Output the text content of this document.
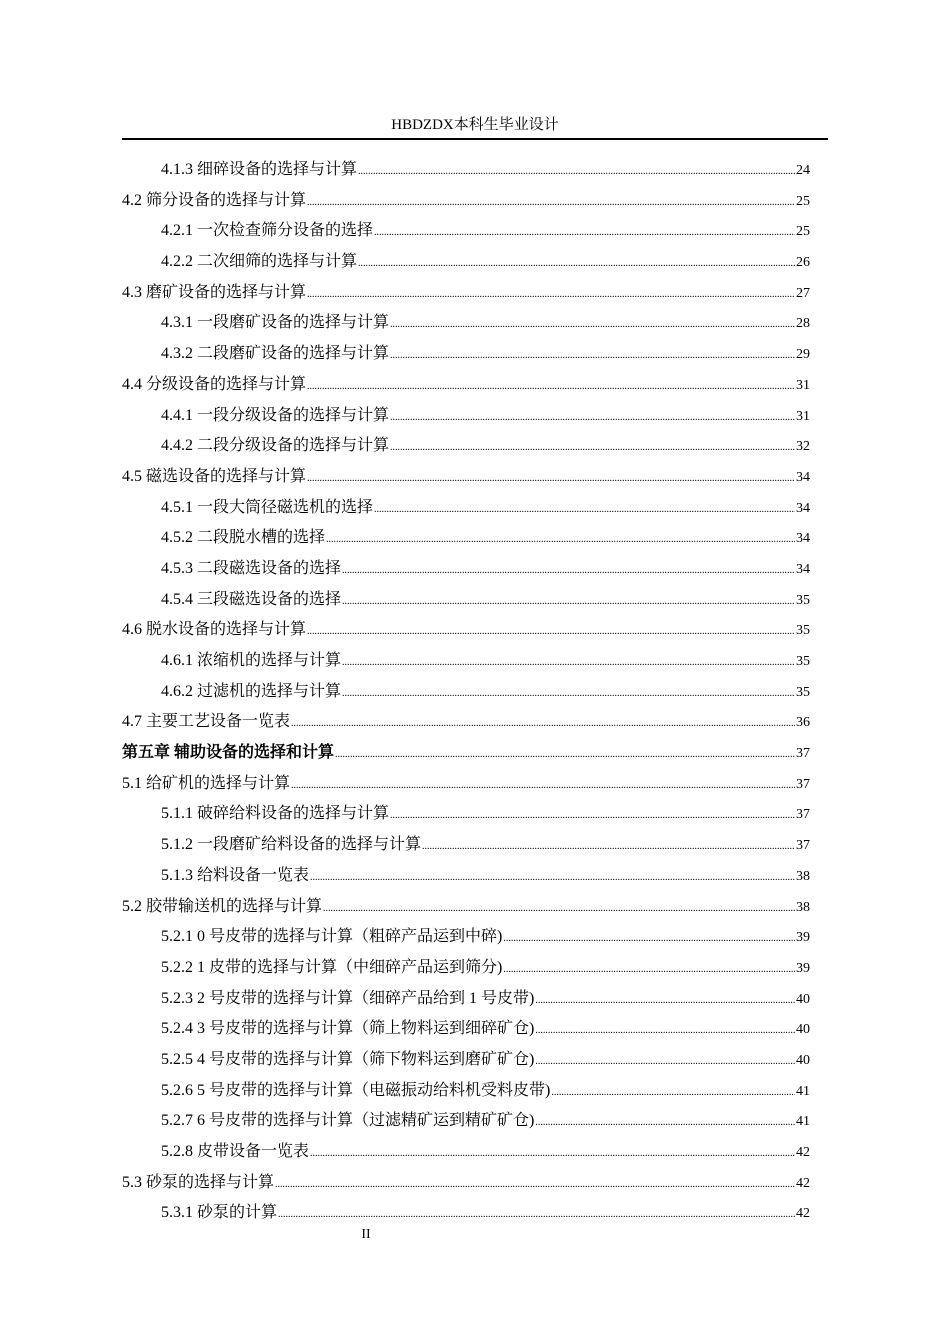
HBDZDX本科生毕业设计
4.1.3 细碎设备的选择与计算 .....	24
4.2 筛分设备的选择与计算 .....	25
4.2.1 一次检查筛分设备的选择 .....	25
4.2.2 二次细筛的选择与计算 .....	26
4.3 磨矿设备的选择与计算 .....	27
4.3.1 一段磨矿设备的选择与计算 .....	28
4.3.2 二段磨矿设备的选择与计算 .....	29
4.4 分级设备的选择与计算 .....	31
4.4.1 一段分级设备的选择与计算 .....	31
4.4.2 二段分级设备的选择与计算 .....	32
4.5 磁选设备的选择与计算 .....	34
4.5.1 一段大筒径磁选机的选择 .....	34
4.5.2 二段脱水槽的选择 .....	34
4.5.3 二段磁选设备的选择 .....	34
4.5.4 三段磁选设备的选择 .....	35
4.6 脱水设备的选择与计算 .....	35
4.6.1 浓缩机的选择与计算 .....	35
4.6.2 过滤机的选择与计算 .....	35
4.7 主要工艺设备一览表 .....	36
第五章 辅助设备的选择和计算 .....	37
5.1 给矿机的选择与计算 .....	37
5.1.1 破碎给料设备的选择与计算 .....	37
5.1.2 一段磨矿给料设备的选择与计算 .....	37
5.1.3 给料设备一览表 .....	38
5.2 胶带输送机的选择与计算 .....	38
5.2.1 0 号皮带的选择与计算（粗碎产品运到中碎) .....	39
5.2.2 1 皮带的选择与计算（中细碎产品运到筛分) .....	39
5.2.3 2 号皮带的选择与计算（细碎产品给到 1 号皮带) .....	40
5.2.4 3 号皮带的选择与计算（筛上物料运到细碎矿仓) .....	40
5.2.5 4 号皮带的选择与计算（筛下物料运到磨矿矿仓) .....	40
5.2.6 5 号皮带的选择与计算（电磁振动给料机受料皮带) .....	41
5.2.7 6 号皮带的选择与计算（过滤精矿运到精矿矿仓) .....	41
5.2.8 皮带设备一览表 .....	42
5.3 砂泵的选择与计算 .....	42
5.3.1 砂泵的计算 .....	42
II
